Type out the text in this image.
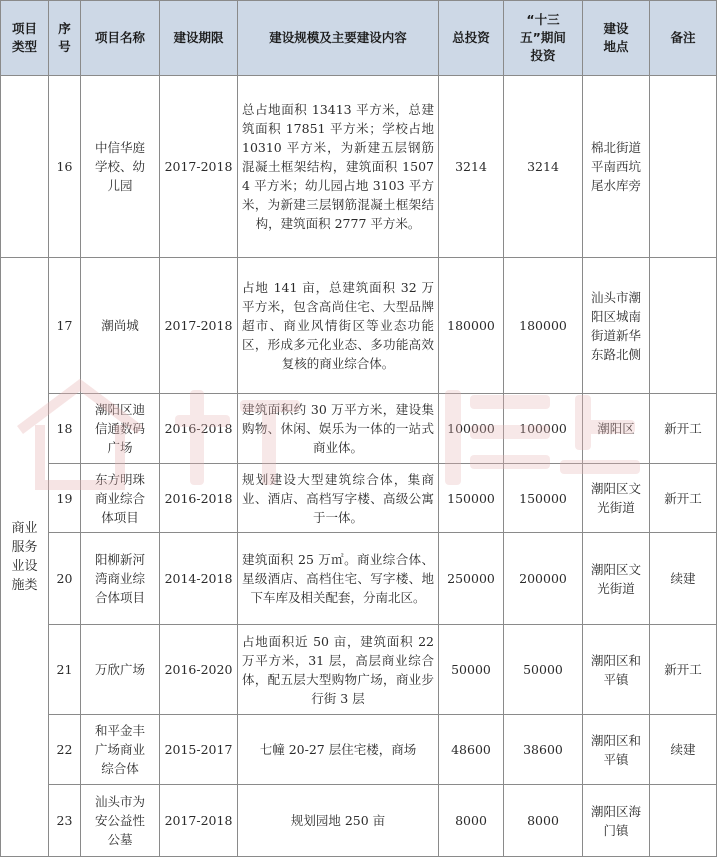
项目类型	序号	项目名称	建设期限	建设规模及主要建设内容	总投资	“十三五”期间投资	建设地点	备注
	16	中信华庭学校、幼儿园	2017-2018	总占地面积 13413 平方米，总建筑面积 17851 平方米；学校占地 10310 平方米，为新建五层钢筋混凝土框架结构，建筑面积 15074 平方米；幼儿园占地 3103 平方米，为新建三层钢筋混凝土框架结构，建筑面积 2777 平方米。	3214	3214	棉北街道平南西坑尾水库旁	
商业服务业设施类	17	潮尚城	2017-2018	占地 141 亩，总建筑面积 32 万平方米，包含高尚住宅、大型品牌超市、商业风情街区等业态功能区，形成多元化业态、多功能高效复核的商业综合体。	180000	180000	汕头市潮阳区城南街道新华东路北侧	
	18	潮阳区迪信通数码广场	2016-2018	建筑面积约 30 万平方米，建设集购物、休闲、娱乐为一体的一站式商业体。	100000	100000	潮阳区	新开工
	19	东方明珠商业综合体项目	2016-2018	规划建设大型建筑综合体，集商业、酒店、高档写字楼、高级公寓于一体。	150000	150000	潮阳区文光街道	新开工
	20	阳柳新河湾商业综合体项目	2014-2018	建筑面积 25 万㎡。商业综合体、星级酒店、高档住宅、写字楼、地下车库及相关配套，分南北区。	250000	200000	潮阳区文光街道	续建
	21	万欣广场	2016-2020	占地面积近 50 亩，建筑面积 22 万平方米，31 层，高层商业综合体，配五层大型购物广场，商业步行街 3 层	50000	50000	潮阳区和平镇	新开工
	22	和平金丰广场商业综合体	2015-2017	七幢 20-27 层住宅楼，商场	48600	38600	潮阳区和平镇	续建
	23	汕头市为安公益性公墓	2017-2018	规划园地 250 亩	8000	8000	潮阳区海门镇	
